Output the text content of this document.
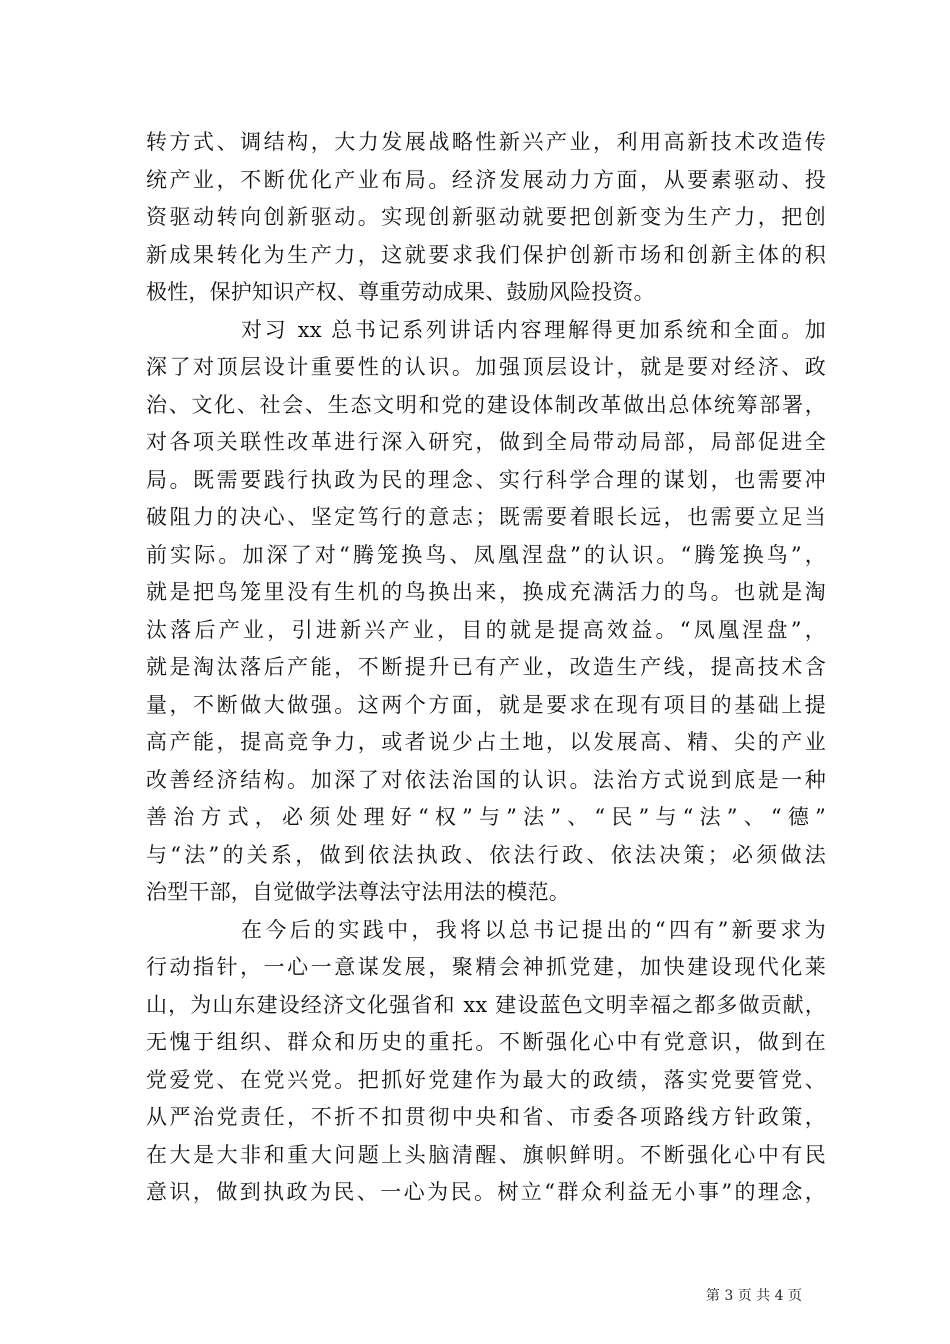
转方式、调结构，大力发展战略性新兴产业，利用高新技术改造传
统产业，不断优化产业布局。经济发展动力方面，从要素驱动、投
资驱动转向创新驱动。实现创新驱动就要把创新变为生产力，把创
新成果转化为生产力，这就要求我们保护创新市场和创新主体的积
极性，保护知识产权、尊重劳动成果、鼓励风险投资。
对习 xx 总书记系列讲话内容理解得更加系统和全面。加
深了对顶层设计重要性的认识。加强顶层设计，就是要对经济、政
治、文化、社会、生态文明和党的建设体制改革做出总体统筹部署，
对各项关联性改革进行深入研究，做到全局带动局部，局部促进全
局。既需要践行执政为民的理念、实行科学合理的谋划，也需要冲
破阻力的决心、坚定笃行的意志；既需要着眼长远，也需要立足当
前实际。加深了对“腾笼换鸟、凤凰涅盘”的认识。“腾笼换鸟”，
就是把鸟笼里没有生机的鸟换出来，换成充满活力的鸟。也就是淘
汰落后产业，引进新兴产业，目的就是提高效益。“凤凰涅盘”，
就是淘汰落后产能，不断提升已有产业，改造生产线，提高技术含
量，不断做大做强。这两个方面，就是要求在现有项目的基础上提
高产能，提高竞争力，或者说少占土地，以发展高、精、尖的产业
改善经济结构。加深了对依法治国的认识。法治方式说到底是一种
善治方式，必须处理好“权”与”法”、“民”与“法”、“德”
与“法”的关系，做到依法执政、依法行政、依法决策；必须做法
治型干部，自觉做学法尊法守法用法的模范。
在今后的实践中，我将以总书记提出的“四有”新要求为
行动指针，一心一意谋发展，聚精会神抓党建，加快建设现代化莱
山，为山东建设经济文化强省和 xx 建设蓝色文明幸福之都多做贡献，
无愧于组织、群众和历史的重托。不断强化心中有党意识，做到在
党爱党、在党兴党。把抓好党建作为最大的政绩，落实党要管党、
从严治党责任，不折不扣贯彻中央和省、市委各项路线方针政策，
在大是大非和重大问题上头脑清醒、旗帜鲜明。不断强化心中有民
意识，做到执政为民、一心为民。树立“群众利益无小事”的理念，
第 3 页 共 4 页
